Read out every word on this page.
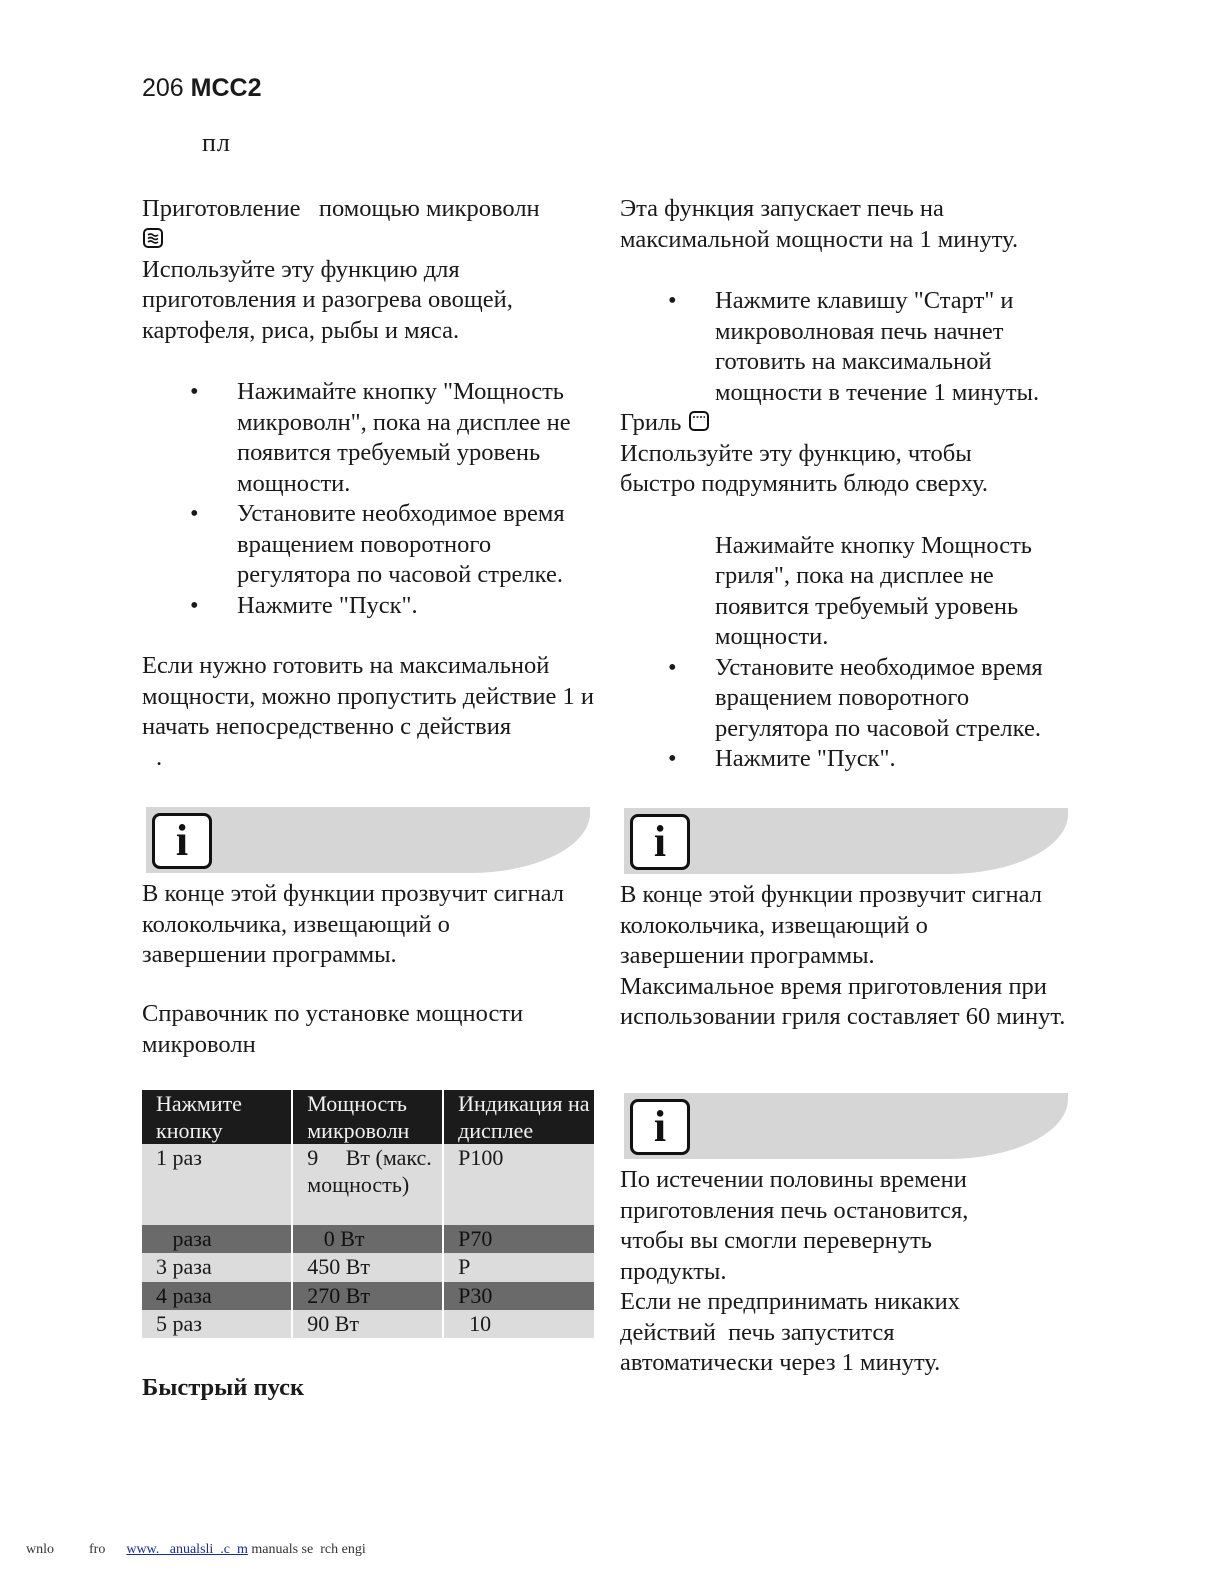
206 MCC2
пл
Приготовление   помощью микроволн
Используйте эту функцию для приготовления и разогрева овощей, картофеля, риса, рыбы и мяса.
• Нажимайте кнопку "Мощность микроволн", пока на дисплее не появится требуемый уровень мощности.
• Установите необходимое время вращением поворотного регулятора по часовой стрелке.
• Нажмите "Пуск".
Если нужно готовить на максимальной мощности, можно пропустить действие 1 и начать непосредственно с действия
.
i
В конце этой функции прозвучит сигнал колокольчика, извещающий о завершении программы.
Справочник по установке мощности микроволн
Нажмите кнопку	Мощность микроволн	Индикация на дисплее
1 раз	9     Вт (макс. мощность)	P100
раза	0 Вт	P70
3 раза	450 Вт	P
4 раза	270 Вт	P30
5 раз	90 Вт	10
Быстрый пуск
Эта функция запускает печь на максимальной мощности на 1 минуту.
• Нажмите клавишу "Старт" и микроволновая печь начнет готовить на максимальной мощности в течение 1 минуты.
Гриль
Используйте эту функцию, чтобы быстро подрумянить блюдо сверху.
Нажимайте кнопку Мощность гриля", пока на дисплее не появится требуемый уровень мощности.
• Установите необходимое время вращением поворотного регулятора по часовой стрелке.
• Нажмите "Пуск".
i
В конце этой функции прозвучит сигнал колокольчика, извещающий о завершении программы.
Максимальное время приготовления при использовании гриля составляет 60 минут.
i
По истечении половины времени приготовления печь остановится, чтобы вы смогли перевернуть продукты.
Если не предпринимать никаких действий  печь запустится автоматически через 1 минуту.
wnlo	fro www.   anualsli  .c  m manuals se  rch engi
